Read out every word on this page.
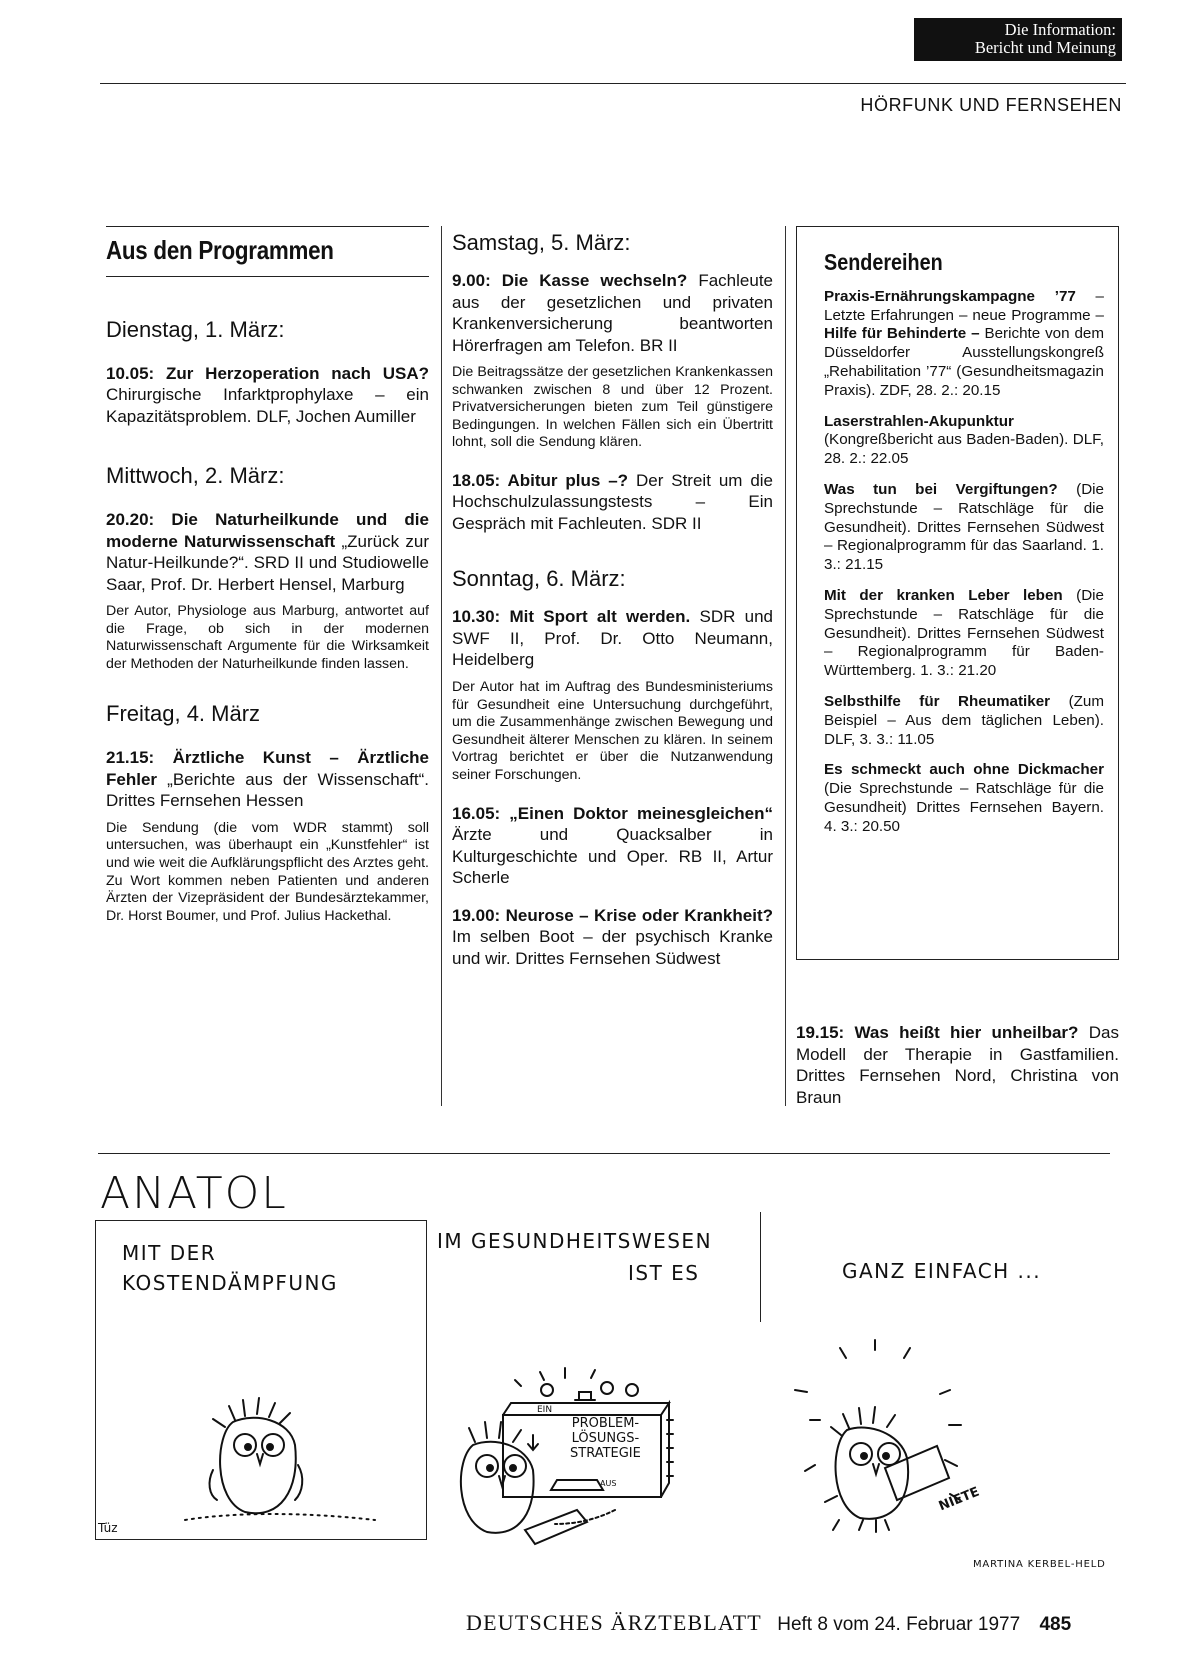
Die Information:
Bericht und Meinung
HÖRFUNK UND FERNSEHEN
Aus den Programmen
Dienstag, 1. März:

10.05: Zur Herzoperation nach USA? Chirurgische Infarktprophylaxe – ein Kapazitätsproblem. DLF, Jochen Aumiller

Mittwoch, 2. März:

20.20: Die Naturheilkunde und die moderne Naturwissenschaft „Zurück zur Natur-Heilkunde?“. SRD II und Studiowelle Saar, Prof. Dr. Herbert Hensel, Marburg

Der Autor, Physiologe aus Marburg, antwortet auf die Frage, ob sich in der modernen Naturwissenschaft Argumente für die Wirksamkeit der Methoden der Naturheilkunde finden lassen.

Freitag, 4. März

21.15: Ärztliche Kunst – Ärztliche Fehler „Berichte aus der Wissenschaft“. Drittes Fernsehen Hessen

Die Sendung (die vom WDR stammt) soll untersuchen, was überhaupt ein „Kunstfehler“ ist und wie weit die Aufklärungspflicht des Arztes geht. Zu Wort kommen neben Patienten und anderen Ärzten der Vizepräsident der Bundesärztekammer, Dr. Horst Boumer, und Prof. Julius Hackethal.

Samstag, 5. März:

9.00: Die Kasse wechseln? Fachleute aus der gesetzlichen und privaten Krankenversicherung beantworten Hörerfragen am Telefon. BR II

Die Beitragssätze der gesetzlichen Krankenkassen schwanken zwischen 8 und über 12 Prozent. Privatversicherungen bieten zum Teil günstigere Bedingungen. In welchen Fällen sich ein Übertritt lohnt, soll die Sendung klären.

18.05: Abitur plus –? Der Streit um die Hochschulzulassungstests – Ein Gespräch mit Fachleuten. SDR II

Sonntag, 6. März:

10.30: Mit Sport alt werden. SDR und SWF II, Prof. Dr. Otto Neumann, Heidelberg

Der Autor hat im Auftrag des Bundesministeriums für Gesundheit eine Untersuchung durchgeführt, um die Zusammenhänge zwischen Bewegung und Gesundheit älterer Menschen zu klären. In seinem Vortrag berichtet er über die Nutzanwendung seiner Forschungen.

16.05: „Einen Doktor meinesgleichen“ Ärzte und Quacksalber in Kulturgeschichte und Oper. RB II, Artur Scherle

19.00: Neurose – Krise oder Krankheit? Im selben Boot – der psychisch Kranke und wir. Drittes Fernsehen Südwest

Sendereihen

Praxis-Ernährungskampagne ’77 – Letzte Erfahrungen – neue Programme – Hilfe für Behinderte – Berichte von dem Düsseldorfer Ausstellungskongreß „Rehabilitation ’77“ (Gesundheitsmagazin Praxis). ZDF, 28. 2.: 20.15

Laserstrahlen-Akupunktur (Kongreßbericht aus Baden-Baden). DLF, 28. 2.: 22.05

Was tun bei Vergiftungen? (Die Sprechstunde – Ratschläge für die Gesundheit). Drittes Fernsehen Südwest – Regionalprogramm für das Saarland. 1. 3.: 21.15

Mit der kranken Leber leben (Die Sprechstunde – Ratschläge für die Gesundheit). Drittes Fernsehen Südwest – Regionalprogramm für Baden-Württemberg. 1. 3.: 21.20

Selbsthilfe für Rheumatiker (Zum Beispiel – Aus dem täglichen Leben). DLF, 3. 3.: 11.05

Es schmeckt auch ohne Dickmacher (Die Sprechstunde – Ratschläge für die Gesundheit) Drittes Fernsehen Bayern. 4. 3.: 20.50

19.15: Was heißt hier unheilbar? Das Modell der Therapie in Gastfamilien. Drittes Fernsehen Nord, Christina von Braun

ANATOL
MIT DER
KOSTENDÄMPFUNG
IM GESUNDHEITSWESEN
IST ES	GANZ EINFACH ...
EIN
PROBLEM-
LÖSUNGS-
STRATEGIE
AUS
NIETE
Tüz
MARTINA KERBEL-HELD
DEUTSCHES ÄRZTEBLATT Heft 8 vom 24. Februar 1977 485
